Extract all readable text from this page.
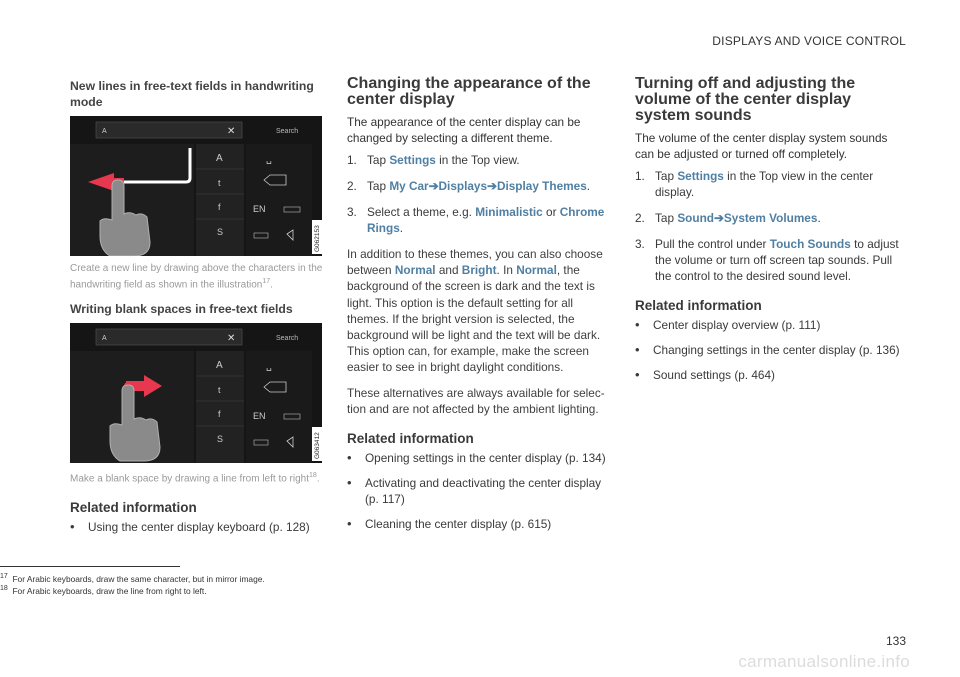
DISPLAYS AND VOICE CONTROL
New lines in free-text fields in handwriting mode
A	✕	Search
A
t
f
S
␣
EN
G062153
Create a new line by drawing above the characters in the handwriting field as shown in the illustration$^{17}$.
Writing blank spaces in free-text fields
A	✕	Search
A
t
f
S
␣
EN
G063412
Make a blank space by drawing a line from left to right$^{18}$.
Related information
•	Using the center display keyboard (p. 128)
Changing the appearance of the center display
The appearance of the center display can be changed by selecting a different theme.
1. Tap Settings in the Top view.
2. Tap My Car➔Displays➔Display Themes.
3. Select a theme, e.g. Minimalistic or Chrome Rings.

In addition to these themes, you can also choose between Normal and Bright. In Normal, the background of the screen is dark and the text is light. This option is the default setting for all themes. If the bright version is selected, the background will be light and the text will be dark. This option can, for example, make the screen easier to see in bright daylight conditions.

These alternatives are always available for selec-tion and are not affected by the ambient lighting.

Related information
•	Opening settings in the center display (p. 134)
•	Activating and deactivating the center display (p. 117)
•	Cleaning the center display (p. 615)
Turning off and adjusting the volume of the center display system sounds
The volume of the center display system sounds can be adjusted or turned off completely.
1. Tap Settings in the Top view in the center display.
2. Tap Sound➔System Volumes.
3. Pull the control under Touch Sounds to adjust the volume or turn off screen tap sounds. Pull the control to the desired sound level.
Related information
•	Center display overview (p. 111)
•	Changing settings in the center display (p. 136)
•	Sound settings (p. 464)
$^{17}$ For Arabic keyboards, draw the same character, but in mirror image.
$^{18}$ For Arabic keyboards, draw the line from right to left.
133
carmanualsonline.info
